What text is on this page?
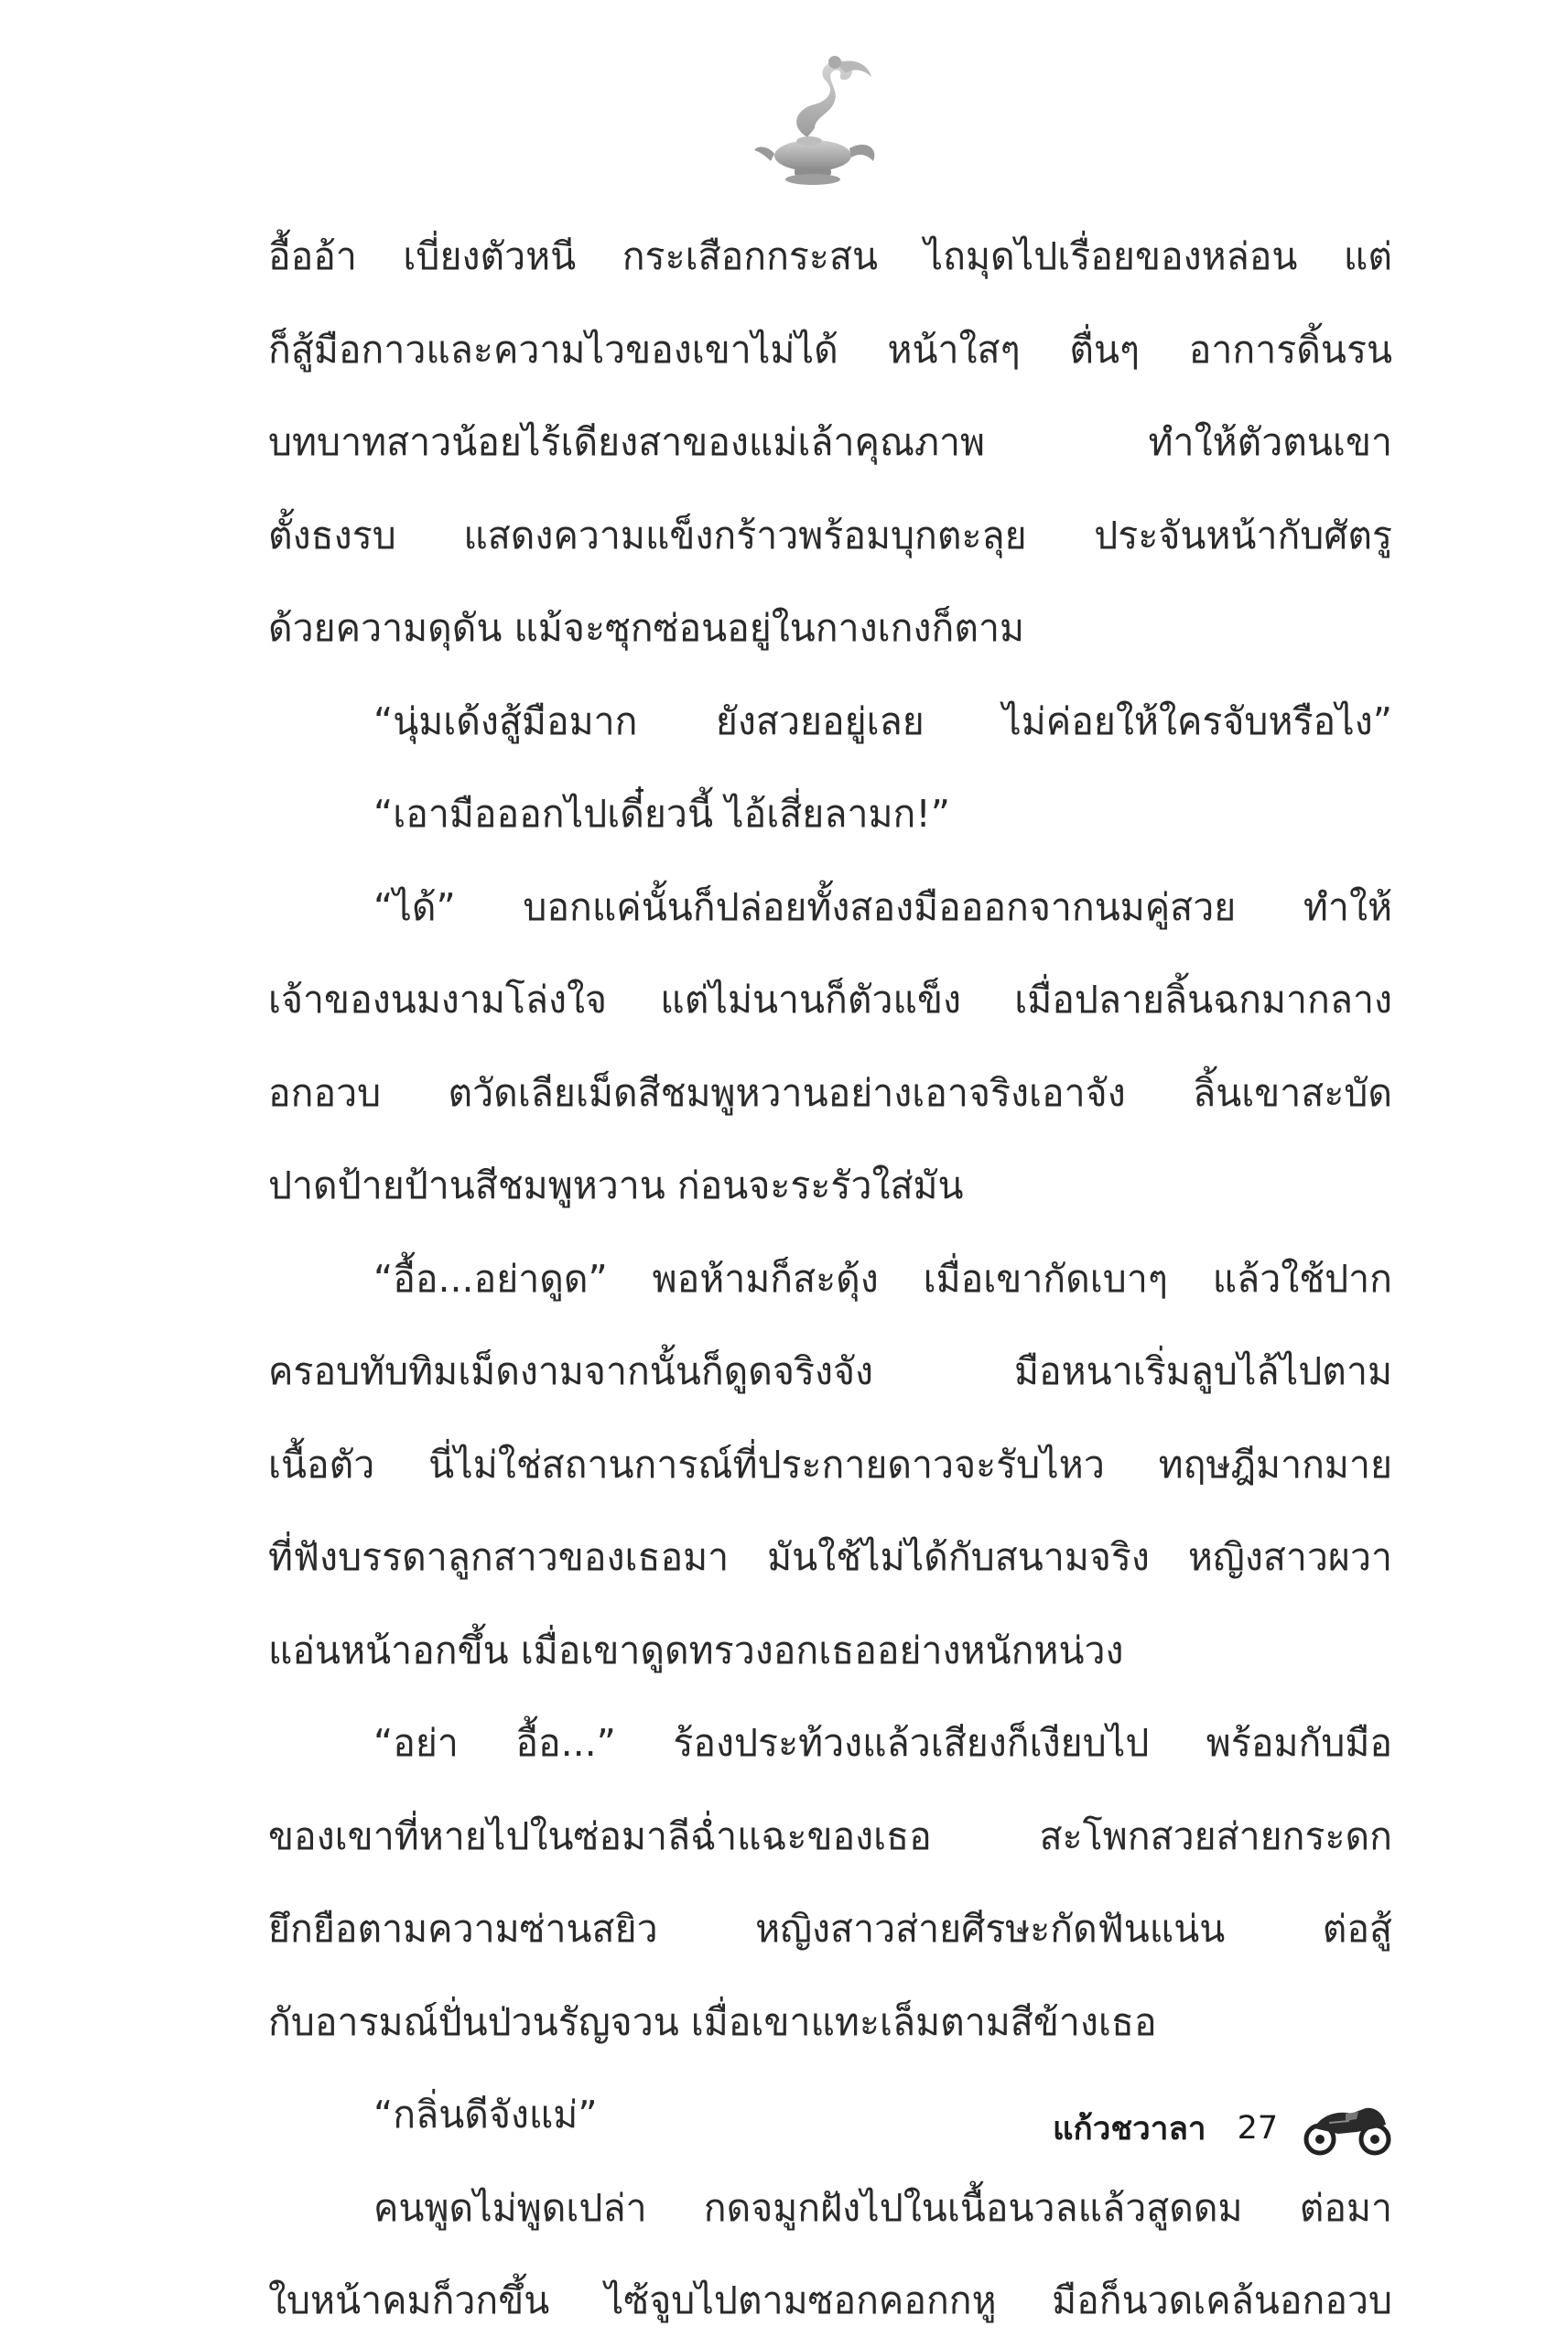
อื้ออ้า เบี่ยงตัวหนี กระเสือกกระสน ไถมุดไปเรื่อยของหล่อน แต่
ก็สู้มือกาวและความไวของเขาไม่ได้ หน้าใสๆ ตื่นๆ อาการดิ้นรน
บทบาทสาวน้อยไร้เดียงสาของแม่เล้าคุณภาพ ทำให้ตัวตนเขา
ตั้งธงรบ แสดงความแข็งกร้าวพร้อมบุกตะลุย ประจันหน้ากับศัตรู
ด้วยความดุดัน แม้จะซุกซ่อนอยู่ในกางเกงก็ตาม
“นุ่มเด้งสู้มือมาก ยังสวยอยู่เลย ไม่ค่อยให้ใครจับหรือไง”
“เอามือออกไปเดี๋ยวนี้ ไอ้เสี่ยลามก!”
“ได้” บอกแค่นั้นก็ปล่อยทั้งสองมือออกจากนมคู่สวย ทำให้
เจ้าของนมงามโล่งใจ แต่ไม่นานก็ตัวแข็ง เมื่อปลายลิ้นฉกมากลาง
อกอวบ ตวัดเลียเม็ดสีชมพูหวานอย่างเอาจริงเอาจัง ลิ้นเขาสะบัด
ปาดป้ายป้านสีชมพูหวาน ก่อนจะระรัวใส่มัน
“อื้อ...อย่าดูด” พอห้ามก็สะดุ้ง เมื่อเขากัดเบาๆ แล้วใช้ปาก
ครอบทับทิมเม็ดงามจากนั้นก็ดูดจริงจัง มือหนาเริ่มลูบไล้ไปตาม
เนื้อตัว นี่ไม่ใช่สถานการณ์ที่ประกายดาวจะรับไหว ทฤษฎีมากมาย
ที่ฟังบรรดาลูกสาวของเธอมา มันใช้ไม่ได้กับสนามจริง หญิงสาวผวา
แอ่นหน้าอกขึ้น เมื่อเขาดูดทรวงอกเธออย่างหนักหน่วง
“อย่า อื้อ...” ร้องประท้วงแล้วเสียงก็เงียบไป พร้อมกับมือ
ของเขาที่หายไปในซ่อมาลีฉ่ำแฉะของเธอ สะโพกสวยส่ายกระดก
ยึกยือตามความซ่านสยิว หญิงสาวส่ายศีรษะกัดฟันแน่น ต่อสู้
กับอารมณ์ปั่นป่วนรัญจวน เมื่อเขาแทะเล็มตามสีข้างเธอ
“กลิ่นดีจังแม่”
คนพูดไม่พูดเปล่า กดจมูกฝังไปในเนื้อนวลแล้วสูดดม ต่อมา
ใบหน้าคมก็วกขึ้น ไซ้จูบไปตามซอกคอกกหู มือก็นวดเคล้นอกอวบ
แก้วชวาลา 27
